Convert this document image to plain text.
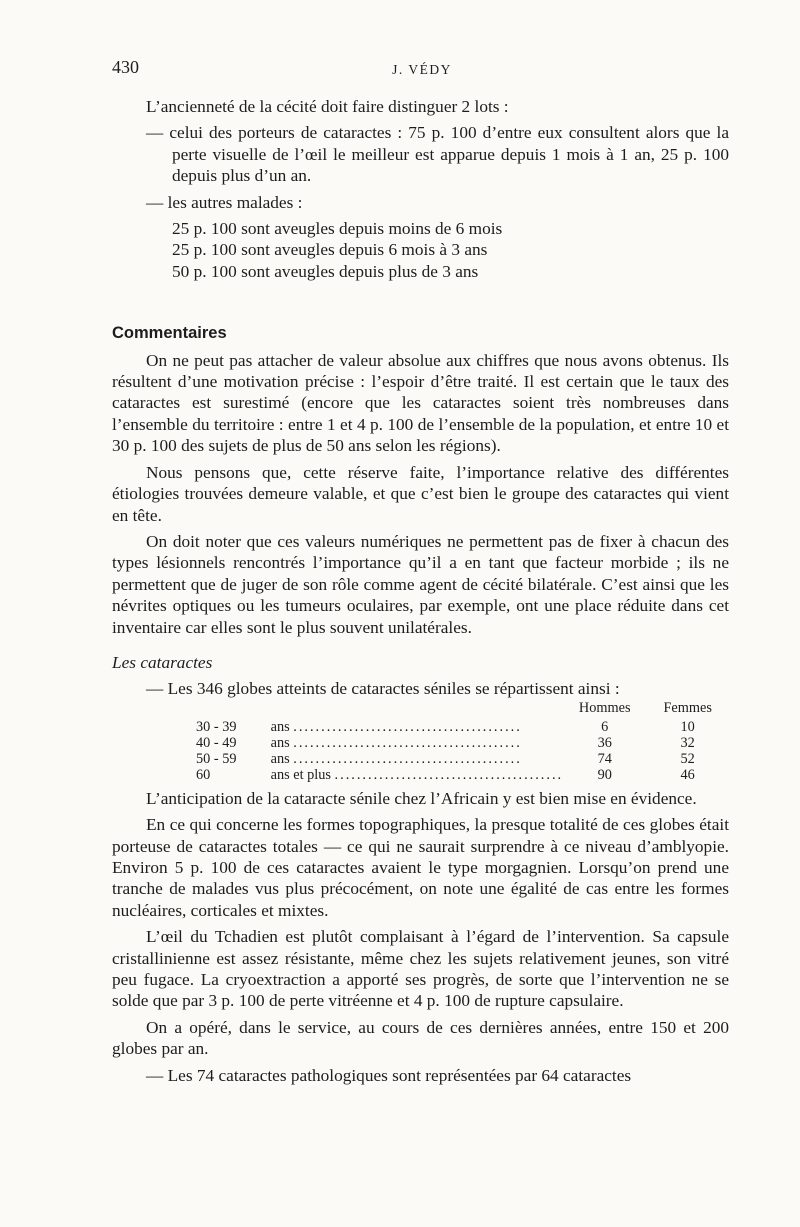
430	J. VÉDY

L’ancienneté de la cécité doit faire distinguer 2 lots :

— celui des porteurs de cataractes : 75 p. 100 d’entre eux consultent alors que la perte visuelle de l’œil le meilleur est apparue depuis 1 mois à 1 an, 25 p. 100 depuis plus d’un an.

— les autres malades :

25 p. 100 sont aveugles depuis moins de 6 mois
25 p. 100 sont aveugles depuis 6 mois à 3 ans
50 p. 100 sont aveugles depuis plus de 3 ans
Commentaires

On ne peut pas attacher de valeur absolue aux chiffres que nous avons obtenus. Ils résultent d’une motivation précise : l’espoir d’être traité. Il est certain que le taux des cataractes est surestimé (encore que les cataractes soient très nombreuses dans l’ensemble du territoire : entre 1 et 4 p. 100 de l’ensemble de la population, et entre 10 et 30 p. 100 des sujets de plus de 50 ans selon les régions).

Nous pensons que, cette réserve faite, l’importance relative des différentes étiologies trouvées demeure valable, et que c’est bien le groupe des cataractes qui vient en tête.

On doit noter que ces valeurs numériques ne permettent pas de fixer à chacun des types lésionnels rencontrés l’importance qu’il a en tant que facteur morbide ; ils ne permettent que de juger de son rôle comme agent de cécité bilatérale. C’est ainsi que les névrites optiques ou les tumeurs oculaires, par exemple, ont une place réduite dans cet inventaire car elles sont le plus souvent unilatérales.

Les cataractes

— Les 346 globes atteints de cataractes séniles se répartissent ainsi :

		Hommes	Femmes
30 - 39	ans .........................................	6	10
40 - 49	ans .........................................	36	32
50 - 59	ans .........................................	74	52
60	ans et plus .........................................	90	46

L’anticipation de la cataracte sénile chez l’Africain y est bien mise en évidence.

En ce qui concerne les formes topographiques, la presque totalité de ces globes était porteuse de cataractes totales — ce qui ne saurait surprendre à ce niveau d’amblyopie. Environ 5 p. 100 de ces cataractes avaient le type morgagnien. Lorsqu’on prend une tranche de malades vus plus précocément, on note une égalité de cas entre les formes nucléaires, corticales et mixtes.

L’œil du Tchadien est plutôt complaisant à l’égard de l’intervention. Sa capsule cristallinienne est assez résistante, même chez les sujets relativement jeunes, son vitré peu fugace. La cryoextraction a apporté ses progrès, de sorte que l’intervention ne se solde que par 3 p. 100 de perte vitréenne et 4 p. 100 de rupture capsulaire.

On a opéré, dans le service, au cours de ces dernières années, entre 150 et 200 globes par an.

— Les 74 cataractes pathologiques sont représentées par 64 cataractes
